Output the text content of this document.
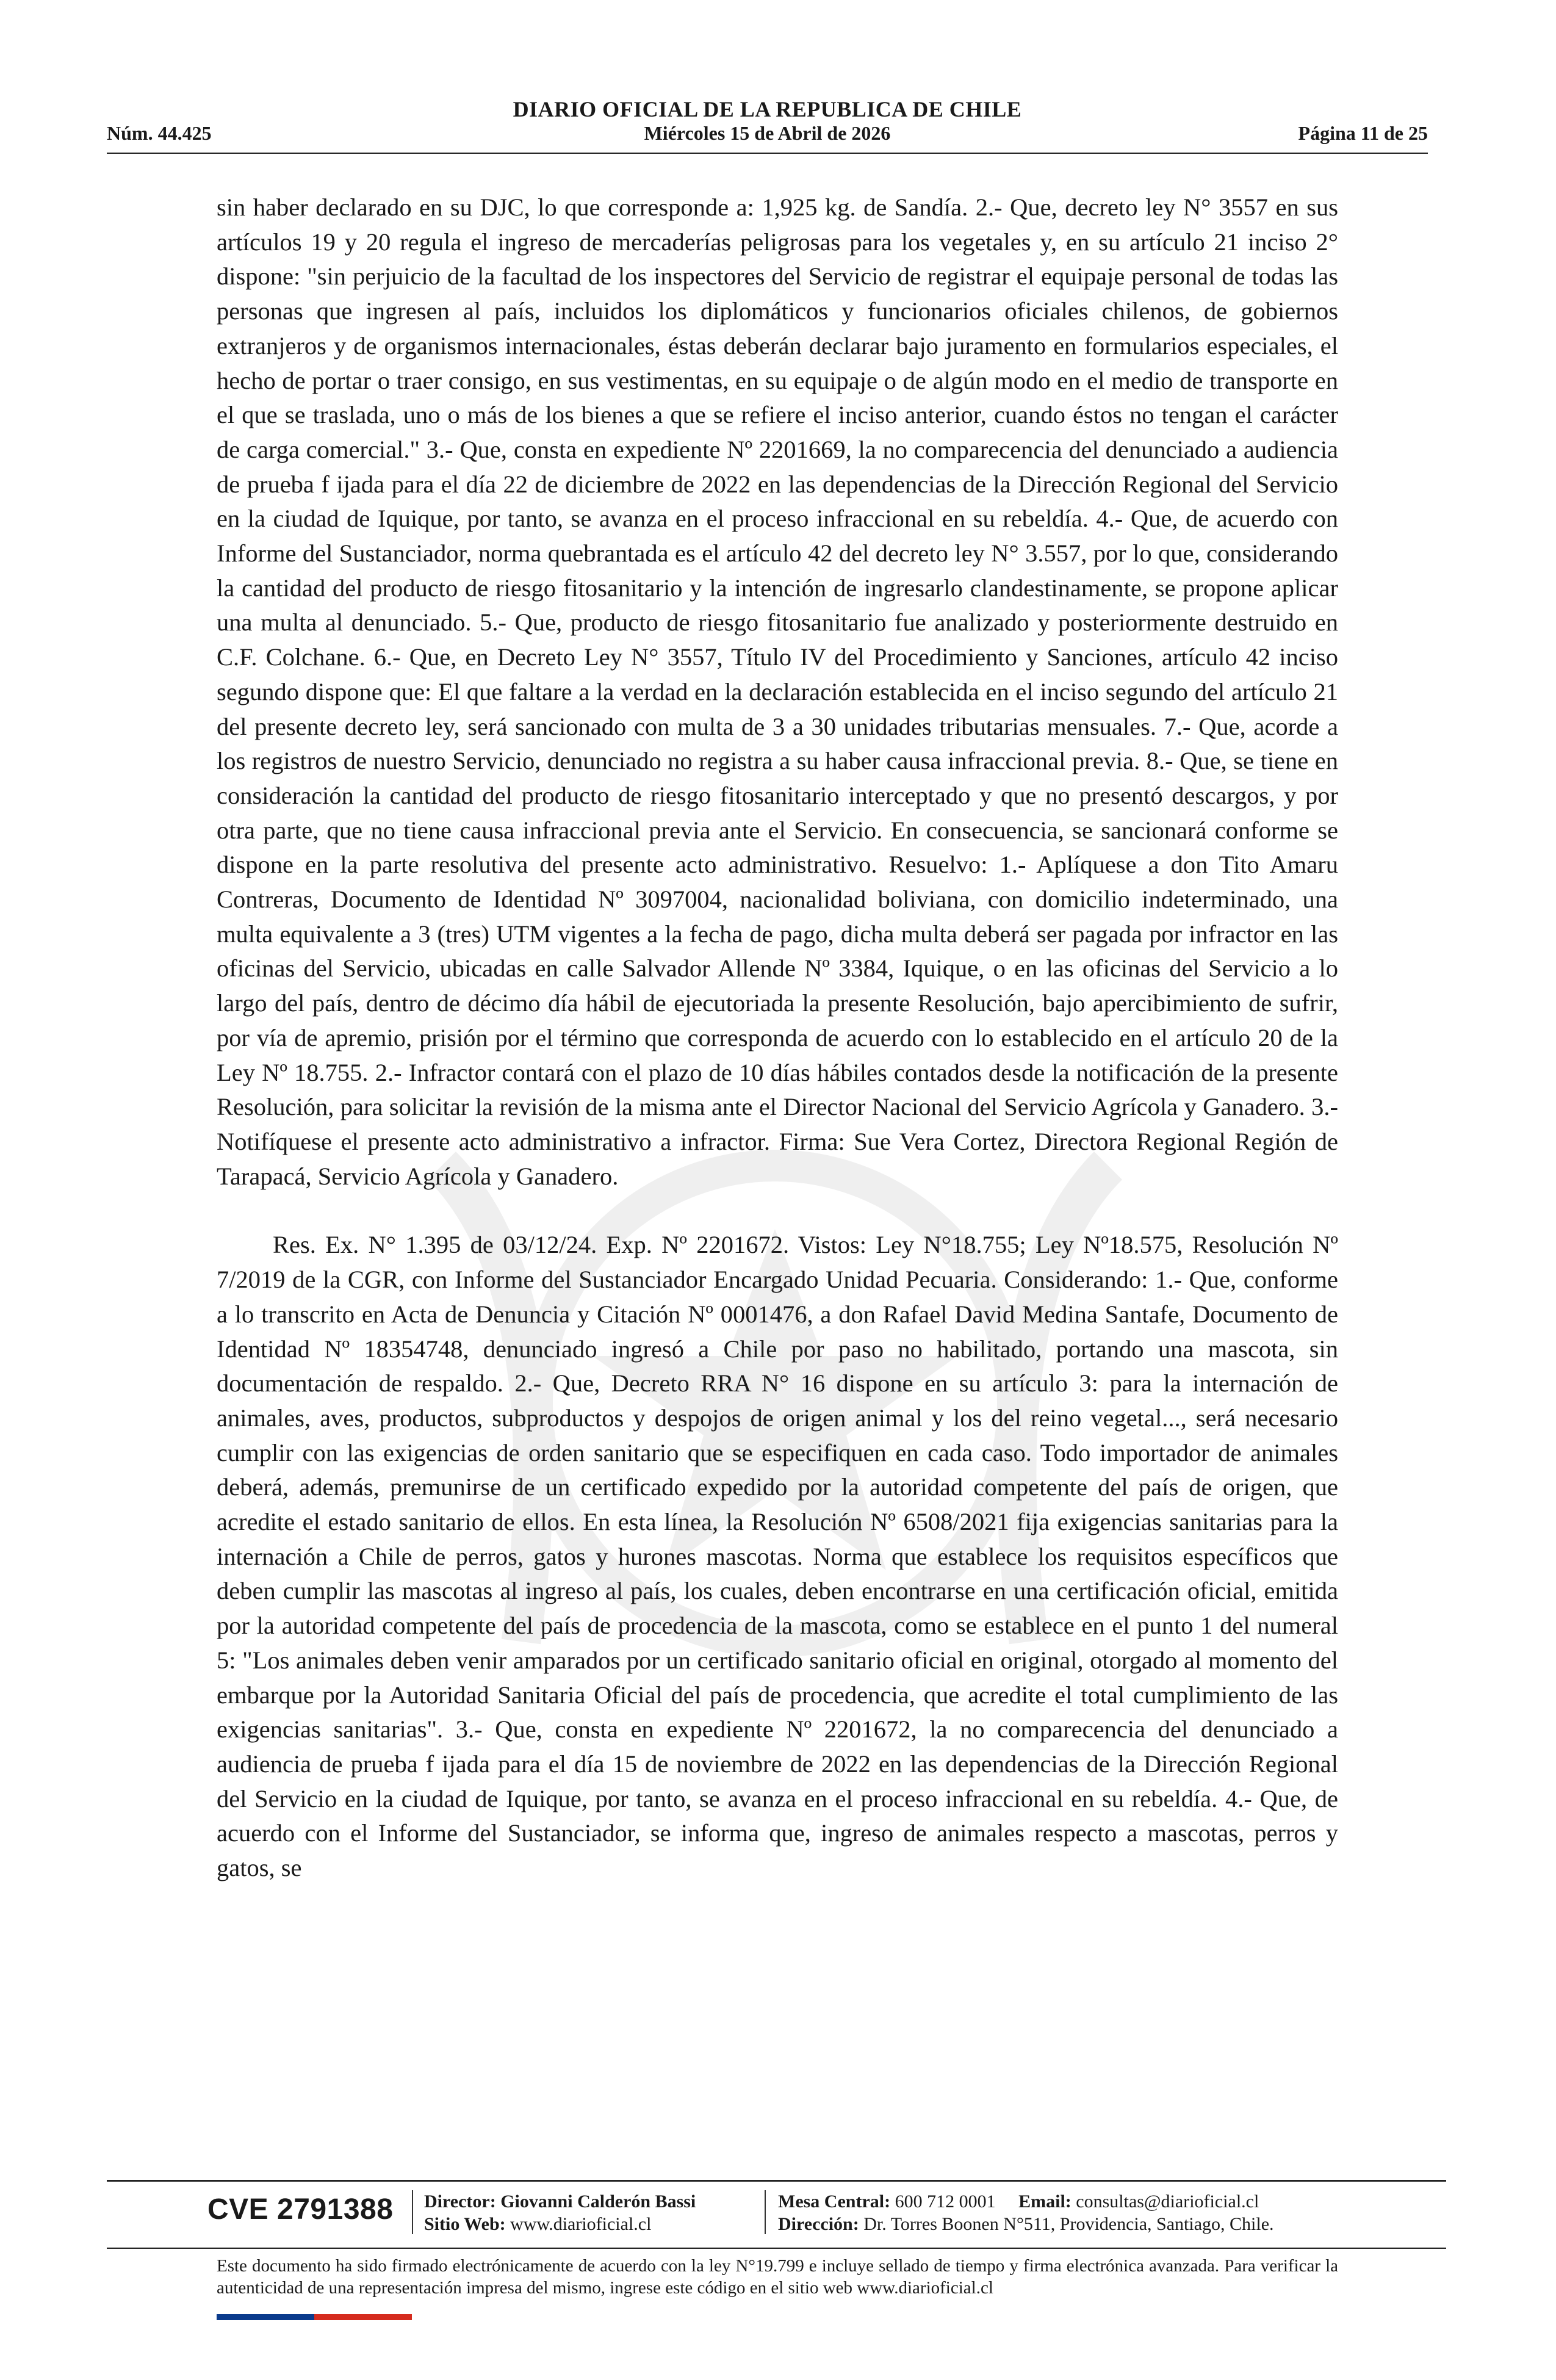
DIARIO OFICIAL DE LA REPUBLICA DE CHILE
Núm. 44.425	Miércoles 15 de Abril de 2026	Página 11 de 25

sin haber declarado en su DJC, lo que corresponde a: 1,925 kg. de Sandía. 2.- Que, decreto ley N° 3557 en sus artículos 19 y 20 regula el ingreso de mercaderías peligrosas para los vegetales y, en su artículo 21 inciso 2° dispone: "sin perjuicio de la facultad de los inspectores del Servicio de registrar el equipaje personal de todas las personas que ingresen al país, incluidos los diplomáticos y funcionarios oficiales chilenos, de gobiernos extranjeros y de organismos internacionales, éstas deberán declarar bajo juramento en formularios especiales, el hecho de portar o traer consigo, en sus vestimentas, en su equipaje o de algún modo en el medio de transporte en el que se traslada, uno o más de los bienes a que se refiere el inciso anterior, cuando éstos no tengan el carácter de carga comercial." 3.- Que, consta en expediente Nº 2201669, la no comparecencia del denunciado a audiencia de prueba f ijada para el día 22 de diciembre de 2022 en las dependencias de la Dirección Regional del Servicio en la ciudad de Iquique, por tanto, se avanza en el proceso infraccional en su rebeldía. 4.- Que, de acuerdo con Informe del Sustanciador, norma quebrantada es el artículo 42 del decreto ley N° 3.557, por lo que, considerando la cantidad del producto de riesgo fitosanitario y la intención de ingresarlo clandestinamente, se propone aplicar una multa al denunciado. 5.- Que, producto de riesgo fitosanitario fue analizado y posteriormente destruido en C.F. Colchane. 6.- Que, en Decreto Ley N° 3557, Título IV del Procedimiento y Sanciones, artículo 42 inciso segundo dispone que: El que faltare a la verdad en la declaración establecida en el inciso segundo del artículo 21 del presente decreto ley, será sancionado con multa de 3 a 30 unidades tributarias mensuales. 7.- Que, acorde a los registros de nuestro Servicio, denunciado no registra a su haber causa infraccional previa. 8.- Que, se tiene en consideración la cantidad del producto de riesgo fitosanitario interceptado y que no presentó descargos, y por otra parte, que no tiene causa infraccional previa ante el Servicio. En consecuencia, se sancionará conforme se dispone en la parte resolutiva del presente acto administrativo. Resuelvo: 1.- Aplíquese a don Tito Amaru Contreras, Documento de Identidad Nº 3097004, nacionalidad boliviana, con domicilio indeterminado, una multa equivalente a 3 (tres) UTM vigentes a la fecha de pago, dicha multa deberá ser pagada por infractor en las oficinas del Servicio, ubicadas en calle Salvador Allende Nº 3384, Iquique, o en las oficinas del Servicio a lo largo del país, dentro de décimo día hábil de ejecutoriada la presente Resolución, bajo apercibimiento de sufrir, por vía de apremio, prisión por el término que corresponda de acuerdo con lo establecido en el artículo 20 de la Ley Nº 18.755. 2.- Infractor contará con el plazo de 10 días hábiles contados desde la notificación de la presente Resolución, para solicitar la revisión de la misma ante el Director Nacional del Servicio Agrícola y Ganadero. 3.- Notifíquese el presente acto administrativo a infractor. Firma: Sue Vera Cortez, Directora Regional Región de Tarapacá, Servicio Agrícola y Ganadero.

Res. Ex. N° 1.395 de 03/12/24. Exp. Nº 2201672. Vistos: Ley N°18.755; Ley Nº18.575, Resolución Nº 7/2019 de la CGR, con Informe del Sustanciador Encargado Unidad Pecuaria. Considerando: 1.- Que, conforme a lo transcrito en Acta de Denuncia y Citación Nº 0001476, a don Rafael David Medina Santafe, Documento de Identidad Nº 18354748, denunciado ingresó a Chile por paso no habilitado, portando una mascota, sin documentación de respaldo. 2.- Que, Decreto RRA N° 16 dispone en su artículo 3: para la internación de animales, aves, productos, subproductos y despojos de origen animal y los del reino vegetal..., será necesario cumplir con las exigencias de orden sanitario que se especifiquen en cada caso. Todo importador de animales deberá, además, premunirse de un certificado expedido por la autoridad competente del país de origen, que acredite el estado sanitario de ellos. En esta línea, la Resolución Nº 6508/2021 fija exigencias sanitarias para la internación a Chile de perros, gatos y hurones mascotas. Norma que establece los requisitos específicos que deben cumplir las mascotas al ingreso al país, los cuales, deben encontrarse en una certificación oficial, emitida por la autoridad competente del país de procedencia de la mascota, como se establece en el punto 1 del numeral 5: "Los animales deben venir amparados por un certificado sanitario oficial en original, otorgado al momento del embarque por la Autoridad Sanitaria Oficial del país de procedencia, que acredite el total cumplimiento de las exigencias sanitarias". 3.- Que, consta en expediente Nº 2201672, la no comparecencia del denunciado a audiencia de prueba f ijada para el día 15 de noviembre de 2022 en las dependencias de la Dirección Regional del Servicio en la ciudad de Iquique, por tanto, se avanza en el proceso infraccional en su rebeldía. 4.- Que, de acuerdo con el Informe del Sustanciador, se informa que, ingreso de animales respecto a mascotas, perros y gatos, se

CVE 2791388 Director: Giovanni Calderón Bassi
Sitio Web: www.diarioficial.cl
Mesa Central: 600 712 0001 Email: consultas@diarioficial.cl
Dirección: Dr. Torres Boonen N°511, Providencia, Santiago, Chile.
Este documento ha sido firmado electrónicamente de acuerdo con la ley N°19.799 e incluye sellado de tiempo y firma electrónica avanzada. Para verificar la autenticidad de una representación impresa del mismo, ingrese este código en el sitio web www.diarioficial.cl
